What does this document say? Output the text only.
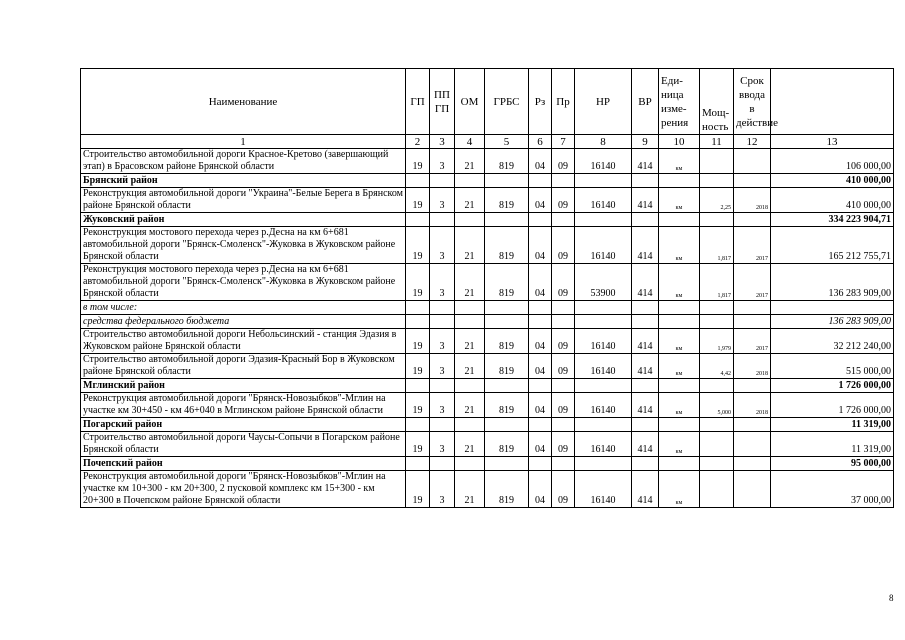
Наименование	ГП	ПП ГП	ОМ	ГРБС	Рз	Пр	НР	ВР	Еди-ница изме-рения	Мощ-ность	Срок ввода в действие	
1	2	3	4	5	6	7	8	9	10	11	12	13
Строительство автомобильной дороги Красное-Кретово (завершающий этап) в Брасовском районе Брянской области	19	3	21	819	04	09	16140	414	км			106 000,00
Брянский район												410 000,00
Реконструкция автомобильной дороги "Украина"-Белые Берега в Брянском районе Брянской области	19	3	21	819	04	09	16140	414	км	2,25	2018	410 000,00
Жуковский район												334 223 904,71
Реконструкция мостового перехода через р.Десна на км 6+681 автомобильной дороги "Брянск-Смоленск"-Жуковка в Жуковском районе Брянской области	19	3	21	819	04	09	16140	414	км	1,817	2017	165 212 755,71
Реконструкция мостового перехода через р.Десна на км 6+681 автомобильной дороги "Брянск-Смоленск"-Жуковка в Жуковском районе Брянской области	19	3	21	819	04	09	53900	414	км	1,817	2017	136 283 909,00
в том числе:												
средства федерального бюджета												136 283 909,00
Строительство автомобильной дороги Небольсинский - станция Эдазия в Жуковском районе Брянской области	19	3	21	819	04	09	16140	414	км	1,979	2017	32 212 240,00
Строительство автомобильной дороги Эдазия-Красный Бор в Жуковском районе Брянской области	19	3	21	819	04	09	16140	414	км	4,42	2018	515 000,00
Мглинский район												1 726 000,00
Реконструкция автомобильной дороги "Брянск-Новозыбков"-Мглин на участке км 30+450 - км 46+040 в Мглинском районе Брянской области	19	3	21	819	04	09	16140	414	км	5,000	2018	1 726 000,00
Погарский район												11 319,00
Строительство автомобильной дороги Чаусы-Сопычи в Погарском районе Брянской области	19	3	21	819	04	09	16140	414	км			11 319,00
Почепский район												95 000,00
Реконструкция автомобильной дороги "Брянск-Новозыбков"-Мглин на участке км 10+300 - км 20+300, 2 пусковой комплекс км 15+300 - км 20+300 в Почепском районе Брянской области	19	3	21	819	04	09	16140	414	км			37 000,00
8
